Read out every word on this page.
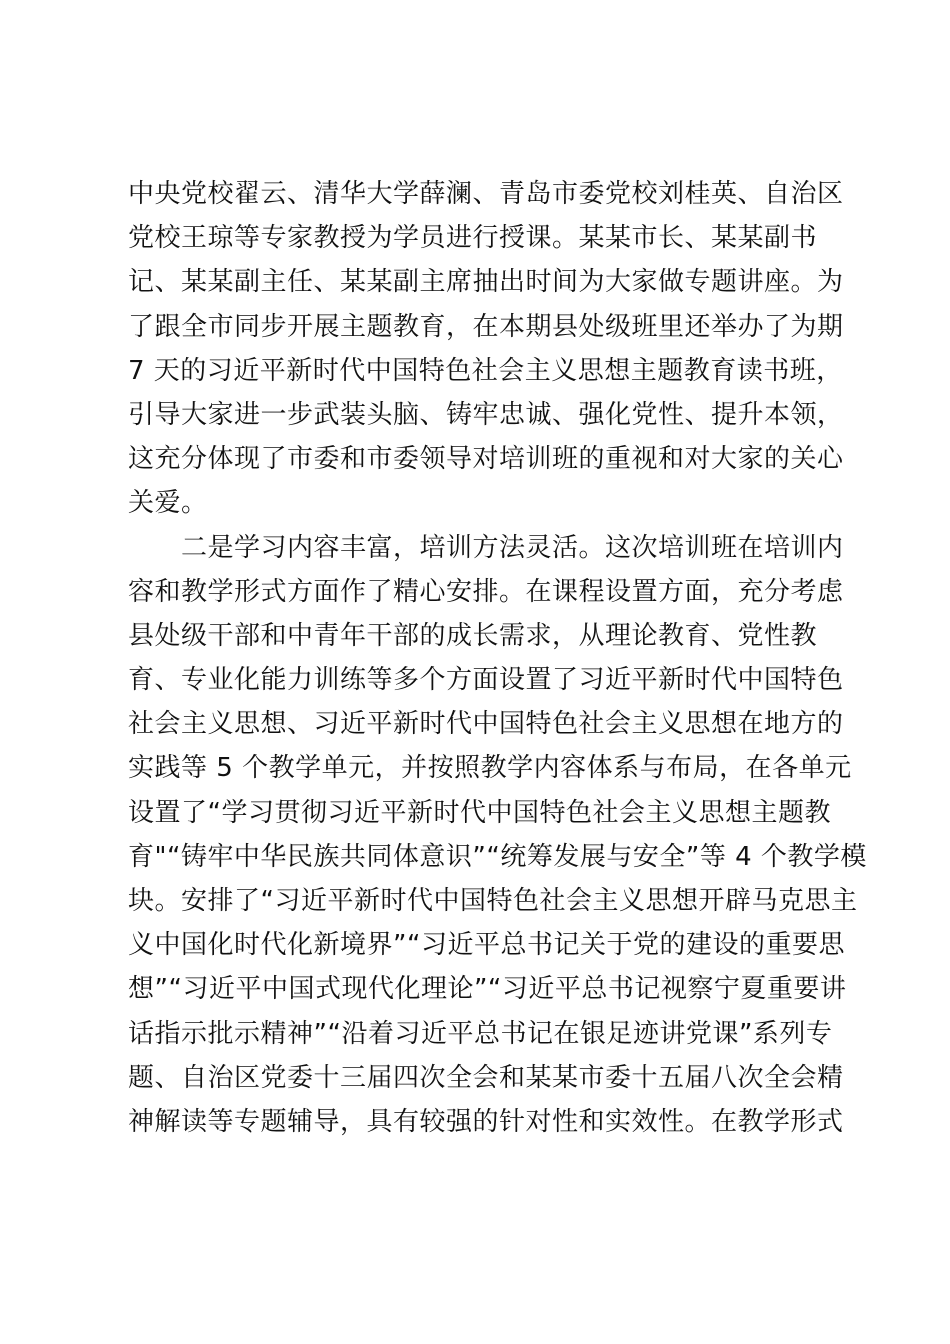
中央党校翟云、清华大学薛澜、青岛市委党校刘桂英、自治区
党校王琼等专家教授为学员进行授课。某某市长、某某副书
记、某某副主任、某某副主席抽出时间为大家做专题讲座。为
了跟全市同步开展主题教育，在本期县处级班里还举办了为期
7 天的习近平新时代中国特色社会主义思想主题教育读书班，
引导大家进一步武装头脑、铸牢忠诚、强化党性、提升本领，
这充分体现了市委和市委领导对培训班的重视和对大家的关心
关爱。
　　二是学习内容丰富，培训方法灵活。这次培训班在培训内
容和教学形式方面作了精心安排。在课程设置方面，充分考虑
县处级干部和中青年干部的成长需求，从理论教育、党性教
育、专业化能力训练等多个方面设置了习近平新时代中国特色
社会主义思想、习近平新时代中国特色社会主义思想在地方的
实践等 5 个教学单元，并按照教学内容体系与布局，在各单元
设置了“学习贯彻习近平新时代中国特色社会主义思想主题教
育"“铸牢中华民族共同体意识”“统筹发展与安全”等 4 个教学模
块。安排了“习近平新时代中国特色社会主义思想开辟马克思主
义中国化时代化新境界”“习近平总书记关于党的建设的重要思
想”“习近平中国式现代化理论”“习近平总书记视察宁夏重要讲
话指示批示精神”“沿着习近平总书记在银足迹讲党课”系列专
题、自治区党委十三届四次全会和某某市委十五届八次全会精
神解读等专题辅导，具有较强的针对性和实效性。在教学形式
